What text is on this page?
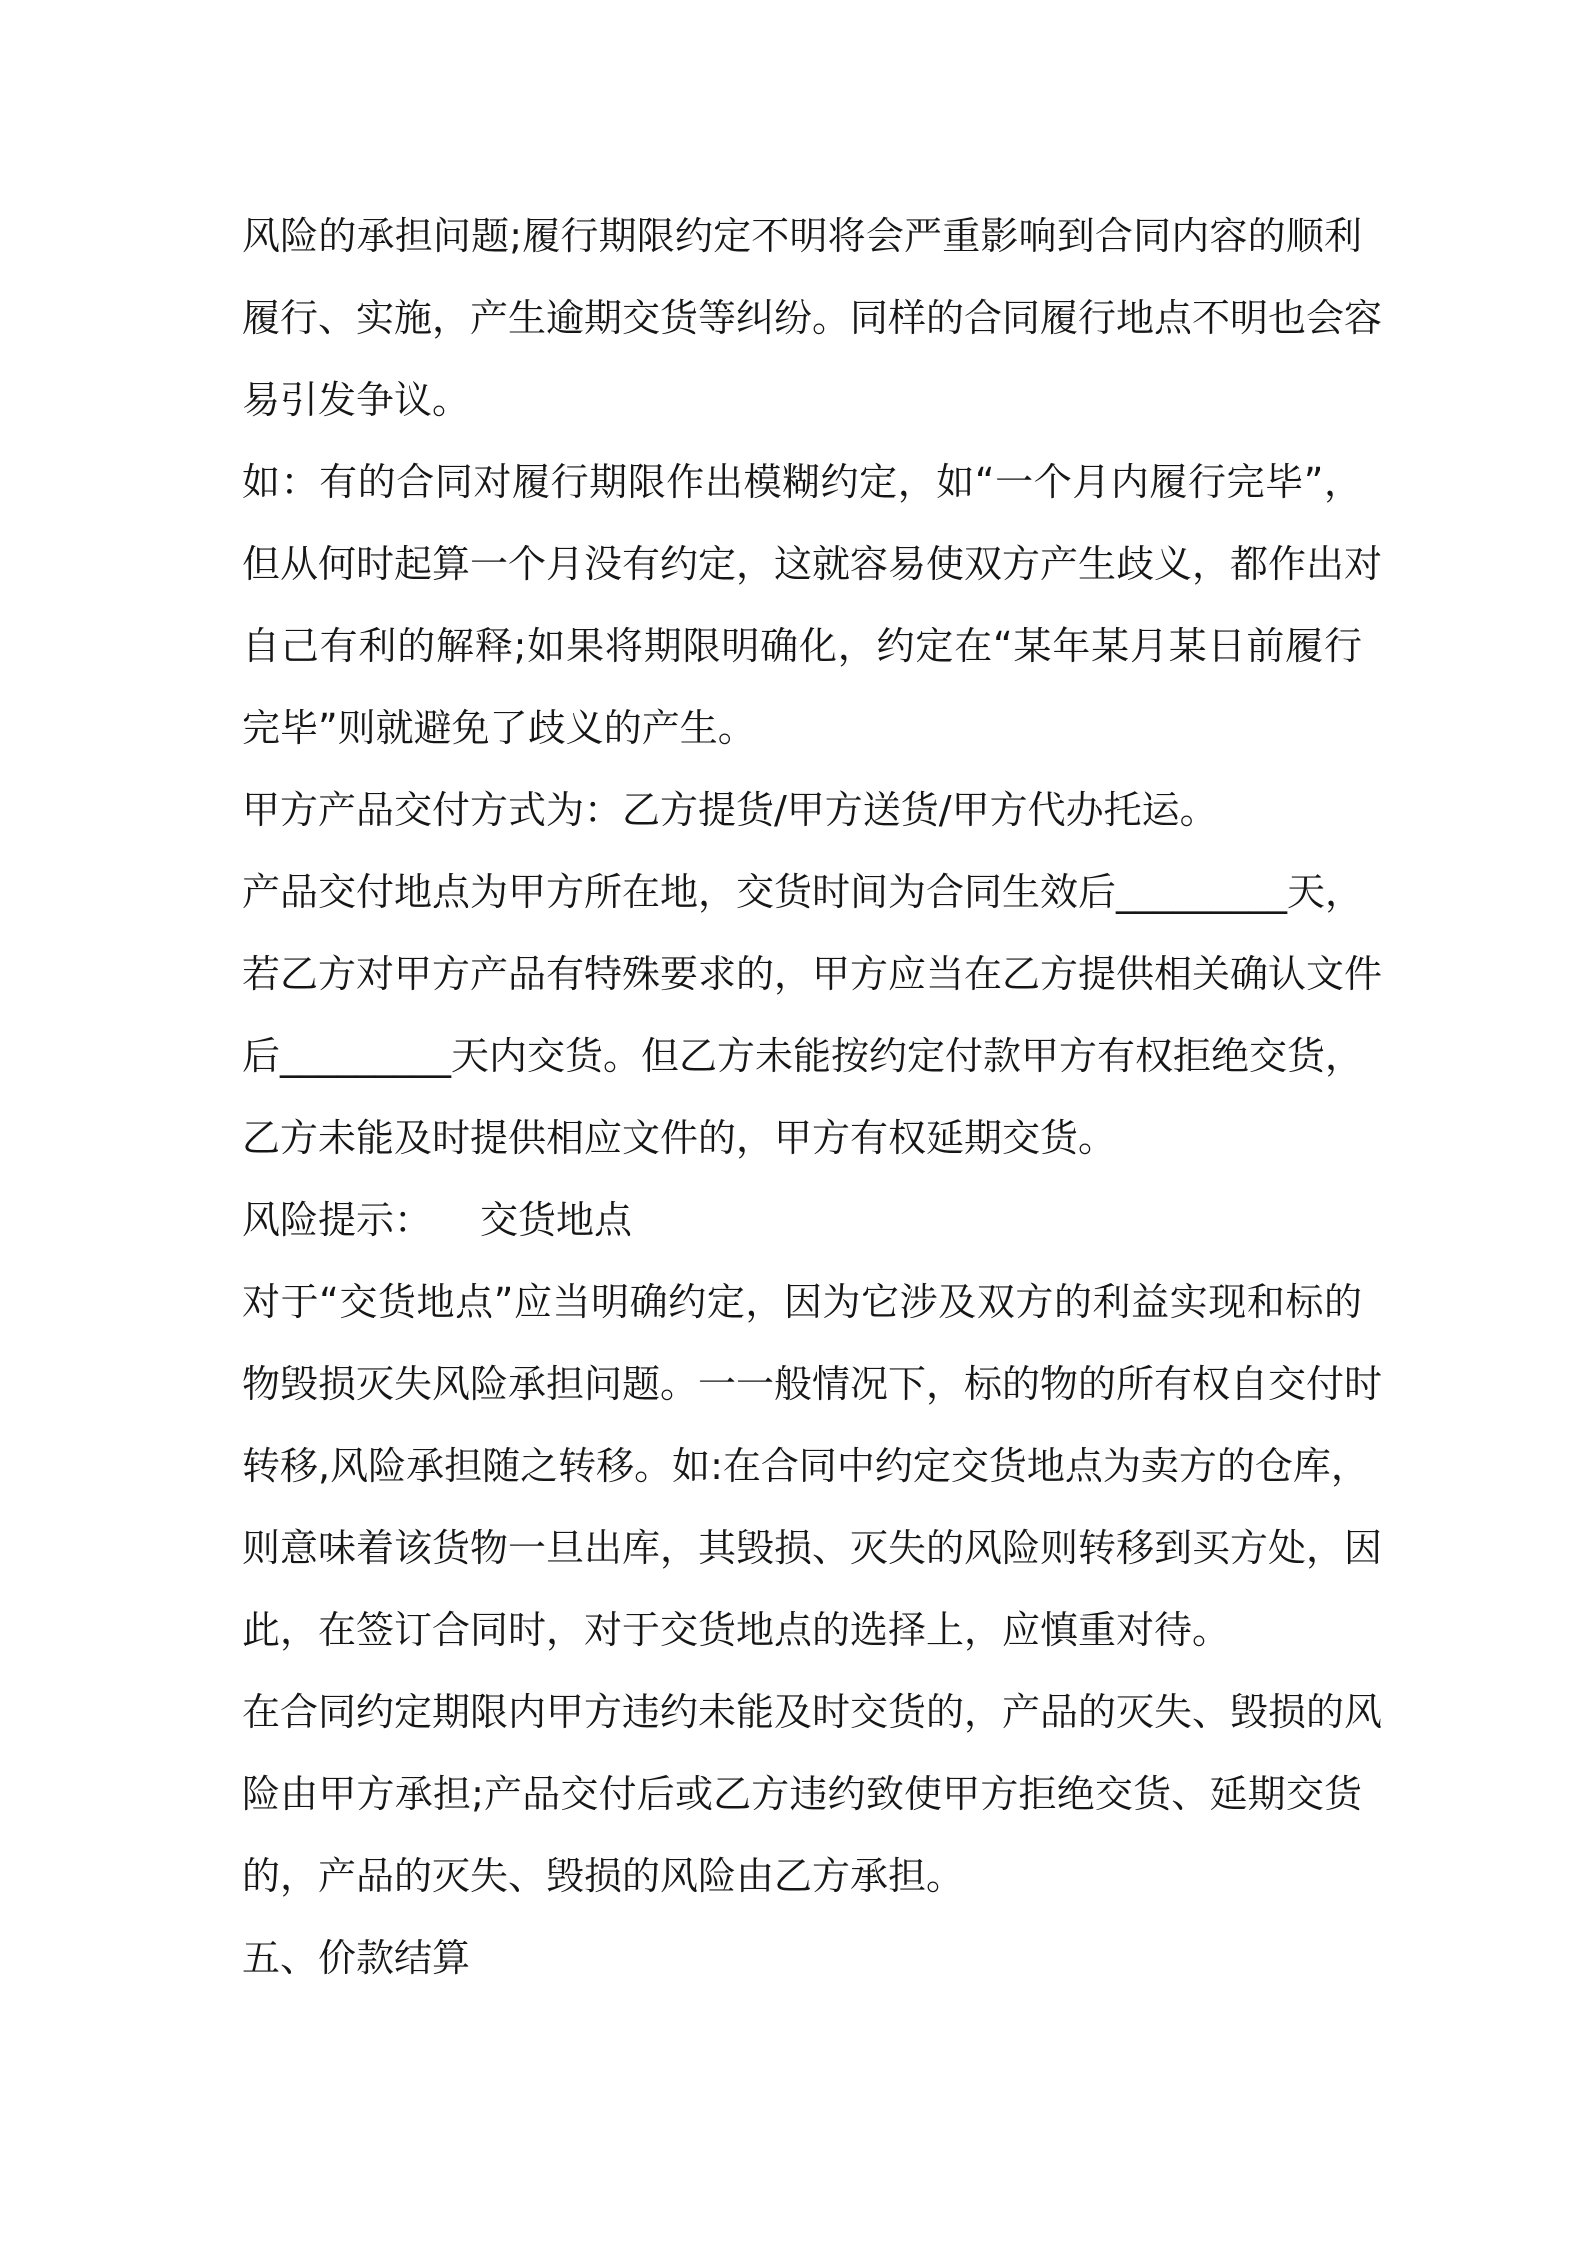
风险的承担问题;履行期限约定不明将会严重影响到合同内容的顺利
履行、实施，产生逾期交货等纠纷。同样的合同履行地点不明也会容
易引发争议。
如：有的合同对履行期限作出模糊约定，如“一个月内履行完毕”，
但从何时起算一个月没有约定，这就容易使双方产生歧义，都作出对
自己有利的解释;如果将期限明确化，约定在“某年某月某日前履行
完毕”则就避免了歧义的产生。
甲方产品交付方式为：乙方提货/甲方送货/甲方代办托运。
产品交付地点为甲方所在地，交货时间为合同生效后_________天，
若乙方对甲方产品有特殊要求的，甲方应当在乙方提供相关确认文件
后_________天内交货。但乙方未能按约定付款甲方有权拒绝交货，
乙方未能及时提供相应文件的，甲方有权延期交货。
风险提示： 交货地点
对于“交货地点”应当明确约定，因为它涉及双方的利益实现和标的
物毁损灭失风险承担问题。一一般情况下，标的物的所有权自交付时
转移,风险承担随之转移。如:在合同中约定交货地点为卖方的仓库，
则意味着该货物一旦出库，其毁损、灭失的风险则转移到买方处，因
此，在签订合同时，对于交货地点的选择上，应慎重对待。
在合同约定期限内甲方违约未能及时交货的，产品的灭失、毁损的风
险由甲方承担;产品交付后或乙方违约致使甲方拒绝交货、延期交货
的，产品的灭失、毁损的风险由乙方承担。
五、价款结算
